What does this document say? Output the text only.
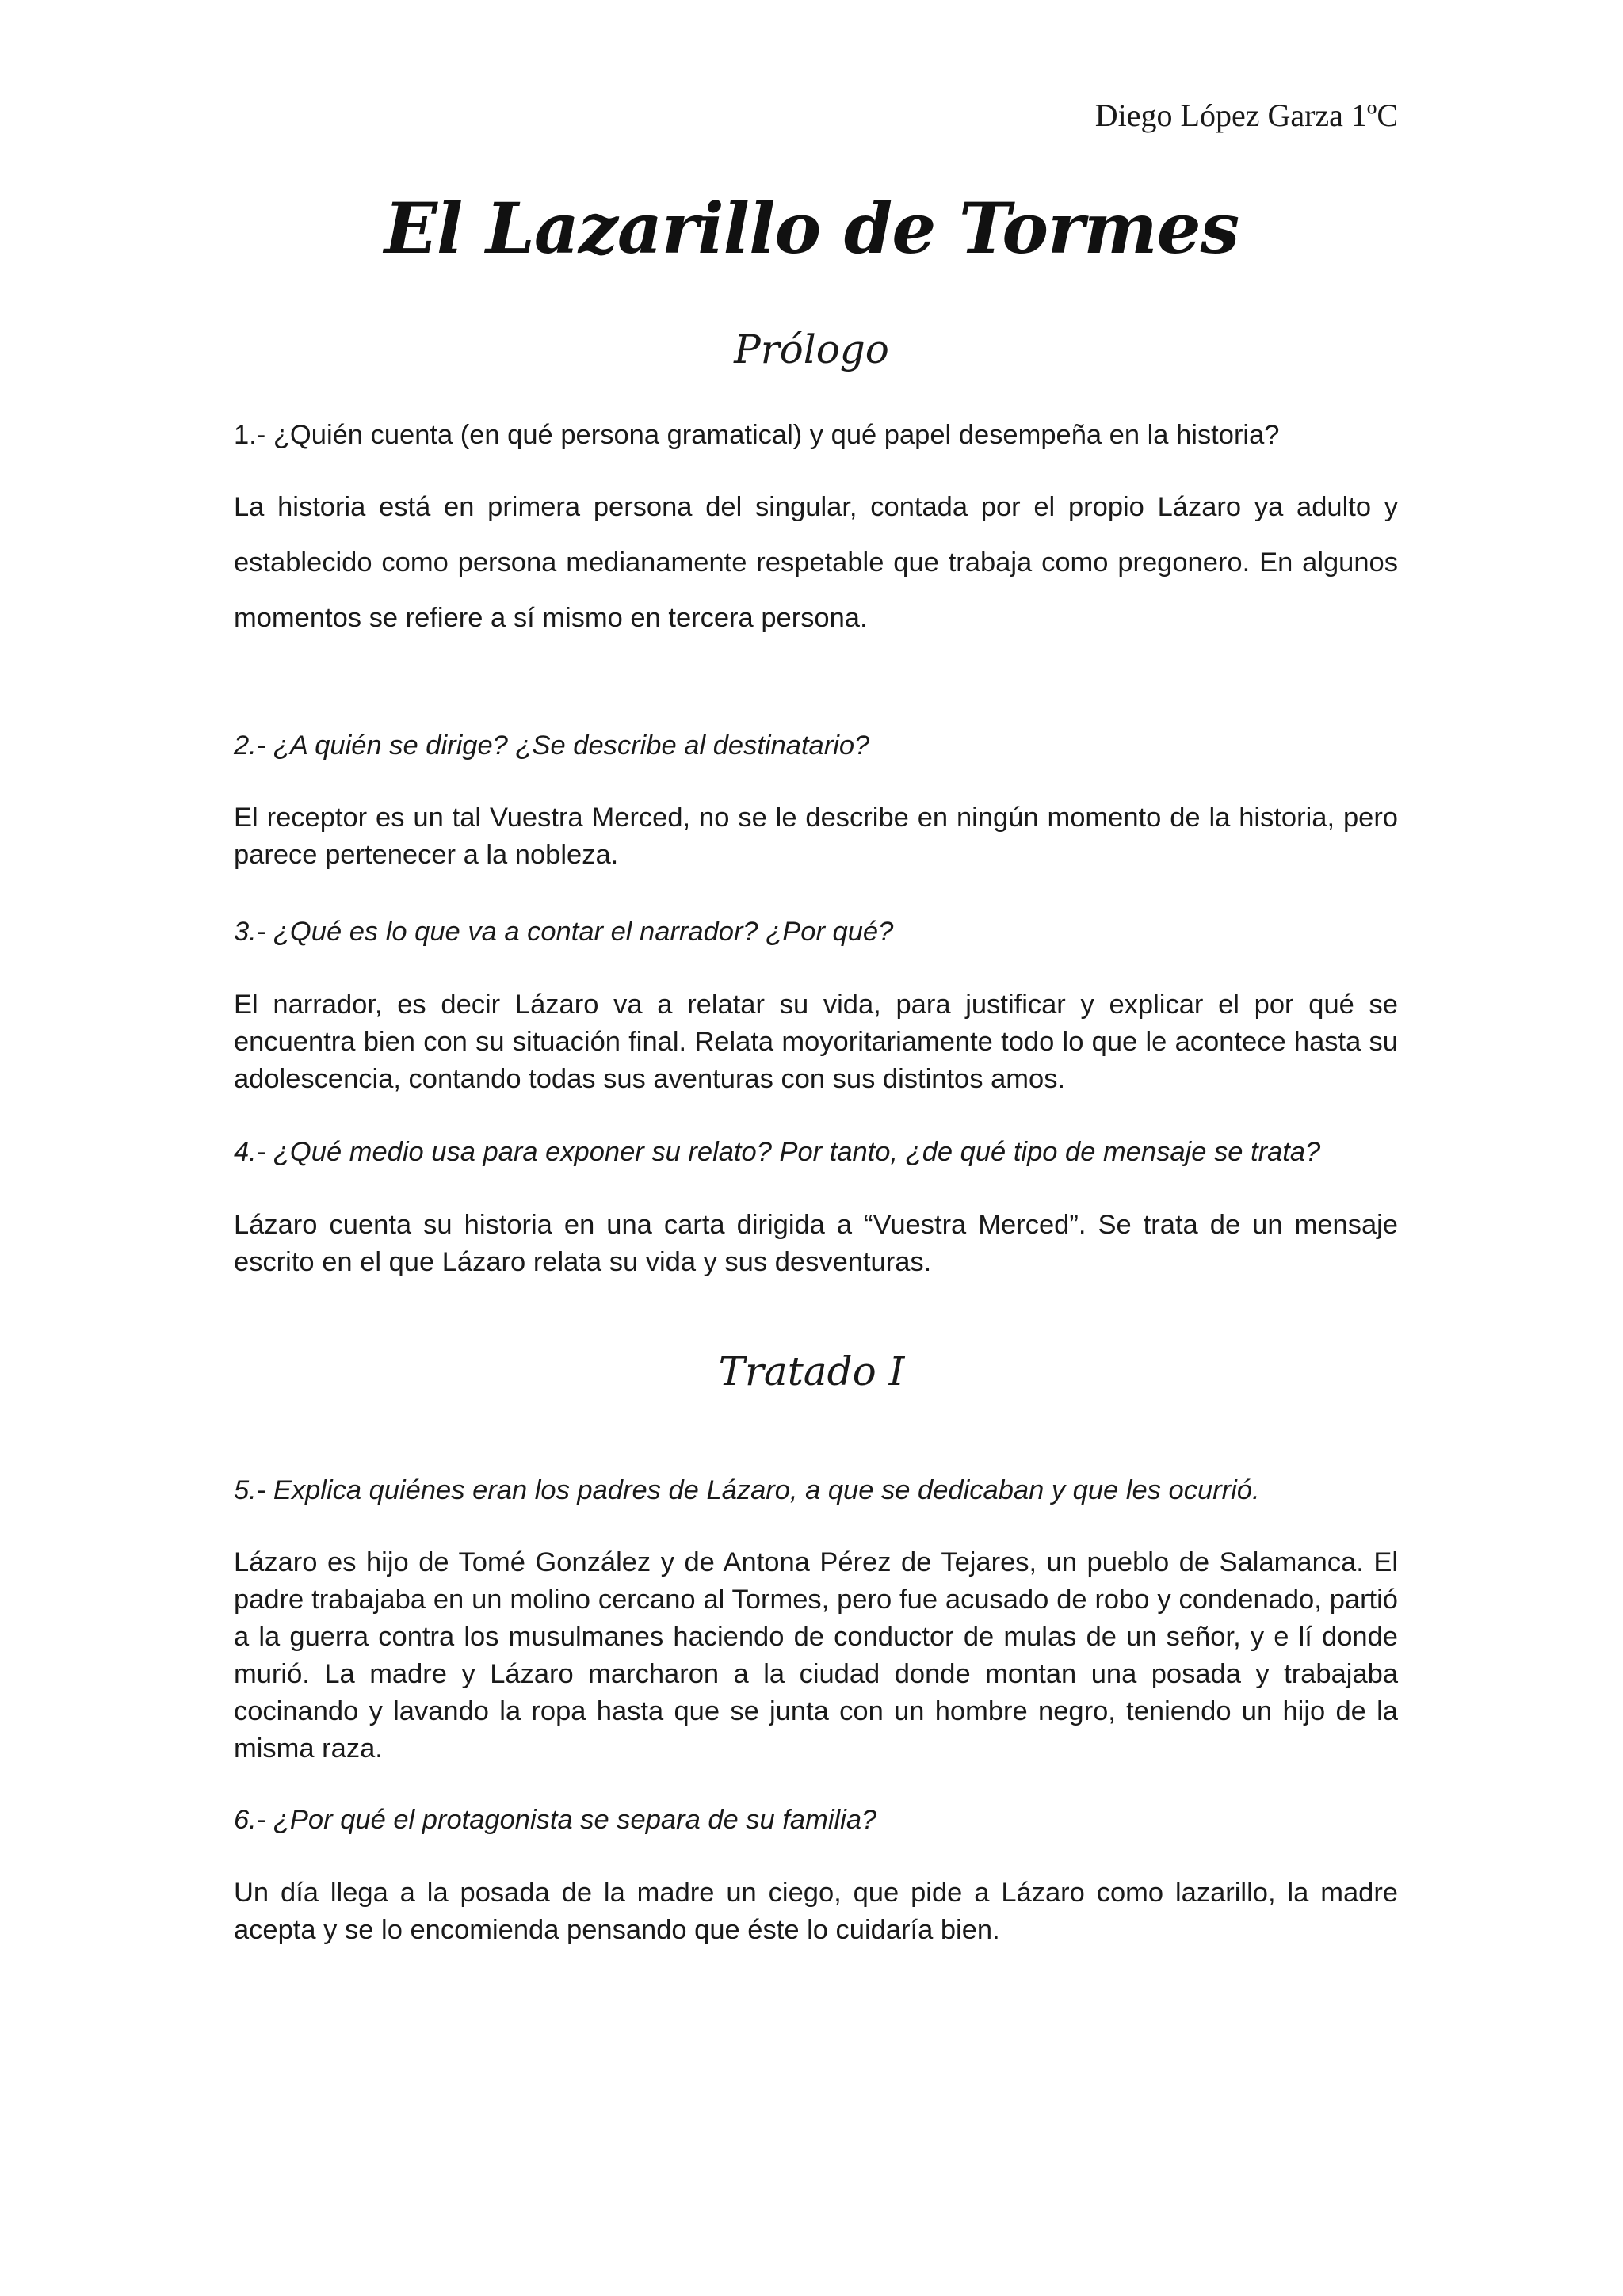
Diego López Garza 1ºC
El Lazarillo de Tormes
Prólogo
1.- ¿Quién cuenta (en qué persona gramatical) y qué papel desempeña en la historia?
La historia está en primera persona del singular, contada por el propio Lázaro ya adulto y establecido como persona medianamente respetable que trabaja como pregonero. En algunos momentos se refiere a sí mismo en tercera persona.
2.- ¿A quién se dirige? ¿Se describe al destinatario?
El receptor es un tal Vuestra Merced, no se le describe en ningún momento de la historia, pero parece pertenecer a la nobleza.
3.- ¿Qué es lo que va a contar el narrador? ¿Por qué?
El narrador, es decir Lázaro va a relatar su vida, para justificar y explicar el por qué se encuentra bien con su situación final. Relata moyoritariamente todo lo que le acontece hasta su adolescencia, contando todas sus aventuras con sus distintos amos.
4.- ¿Qué medio usa para exponer su relato? Por tanto, ¿de qué tipo de mensaje se trata?
Lázaro cuenta su historia en una carta dirigida a “Vuestra Merced”. Se trata de un mensaje escrito en el que Lázaro relata su vida y sus desventuras.
Tratado I
5.- Explica quiénes eran los padres de Lázaro, a que se dedicaban y que les ocurrió.
Lázaro es hijo de Tomé González y de Antona Pérez de Tejares, un pueblo de Salamanca. El padre trabajaba en un molino cercano al Tormes, pero fue acusado de robo y condenado, partió a la guerra contra los musulmanes haciendo de conductor de mulas de un señor, y e lí donde murió. La madre y Lázaro marcharon a la ciudad donde montan una posada y trabajaba cocinando y lavando la ropa hasta que se junta con un hombre negro, teniendo un hijo de la misma raza.
6.- ¿Por qué el protagonista se separa de su familia?
Un día llega a la posada de la madre un ciego, que pide a Lázaro como lazarillo, la madre acepta y se lo encomienda pensando que éste lo cuidaría bien.
